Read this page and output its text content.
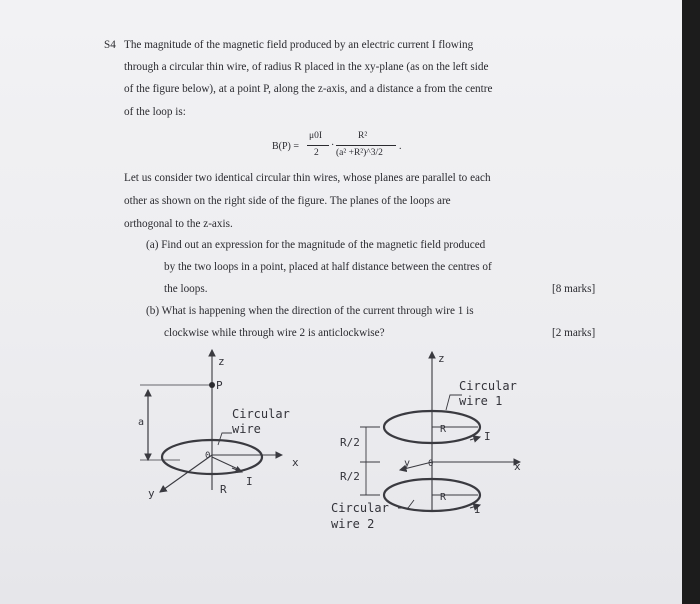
S4 The magnitude of the magnetic field produced by an electric current I flowing
through a circular thin wire, of radius R placed in the xy-plane (as on the left side
of the figure below), at a point P, along the z-axis, and a distance a from the centre
of the loop is:
B(P) =
μ0I
2
·
R²
(a² +R²)^3/2
.
Let us consider two identical circular thin wires, whose planes are parallel to each
other as shown on the right side of the figure. The planes of the loops are
orthogonal to the z-axis.
(a) Find out an expression for the magnitude of the magnetic field produced
by the two loops in a point, placed at half distance between the centres of
the loops.	[8 marks]
(b) What is happening when the direction of the current through wire 1 is
clockwise while through wire 2 is anticlockwise?	[2 marks]
z
P
a
0	x
y	R
I
Circular
wire
z
Circular
wire 1
R
I
R/2
R/2
y 0	x
R
I
Circular
wire 2
